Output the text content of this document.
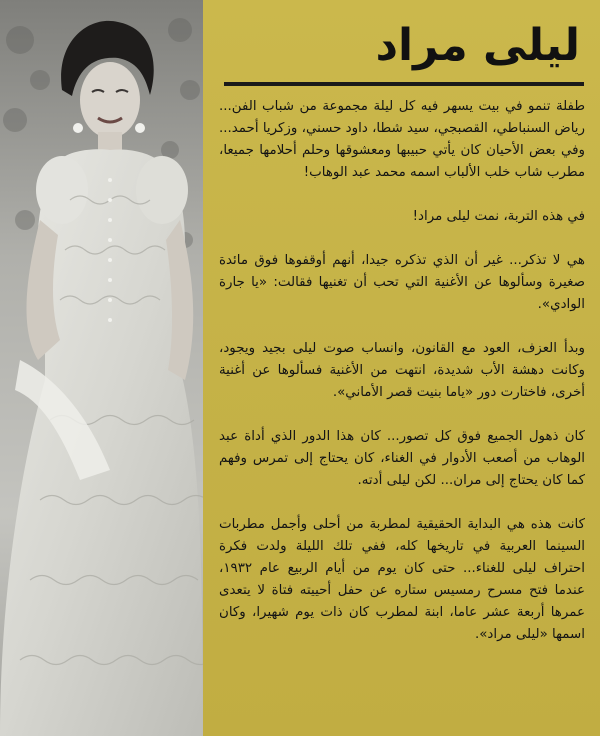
ليلى مراد

طفلة تنمو في بيت يسهر فيه كل ليلة مجموعة من شباب الفن... رياض السنباطي، القصبجي، سيد شطا، داود حسني، وزكريا أحمد... وفي بعض الأحيان كان يأتي حبيبها ومعشوقها وحلم أحلامها جميعا، مطرب شاب خلب الألباب اسمه محمد عبد الوهاب!

في هذه التربة، نمت ليلى مراد!

هي لا تذكر... غير أن الذي تذكره جيدا، أنهم أوقفوها فوق مائدة صغيرة وسألوها عن الأغنية التي تحب أن تغنيها فقالت: «يا جارة الوادي».

وبدأ العزف، العود مع القانون، وانساب صوت ليلى بجيد ويجود، وكانت دهشة الأب شديدة، انتهت من الأغنية فسألوها عن أغنية أخرى، فاختارت دور «ياما بنيت قصر الأماني».

كان ذهول الجميع فوق كل تصور... كان هذا الدور الذي أداة عبد الوهاب من أصعب الأدوار في الغناء، كان يحتاج إلى تمرس وفهم كما كان يحتاج إلى مران... لكن ليلى أدته.

كانت هذه هي البداية الحقيقية لمطربة من أحلى وأجمل مطربات السينما العربية في تاريخها كله، ففي تلك الليلة ولدت فكرة احتراف ليلى للغناء... حتى كان يوم من أيام الربيع عام ١٩٣٢، عندما فتح مسرح رمسيس ستاره عن حفل أحييته فتاة لا يتعدى عمرها أربعة عشر عاما، ابنة لمطرب كان ذات يوم شهيرا، وكان اسمها «ليلى مراد».
